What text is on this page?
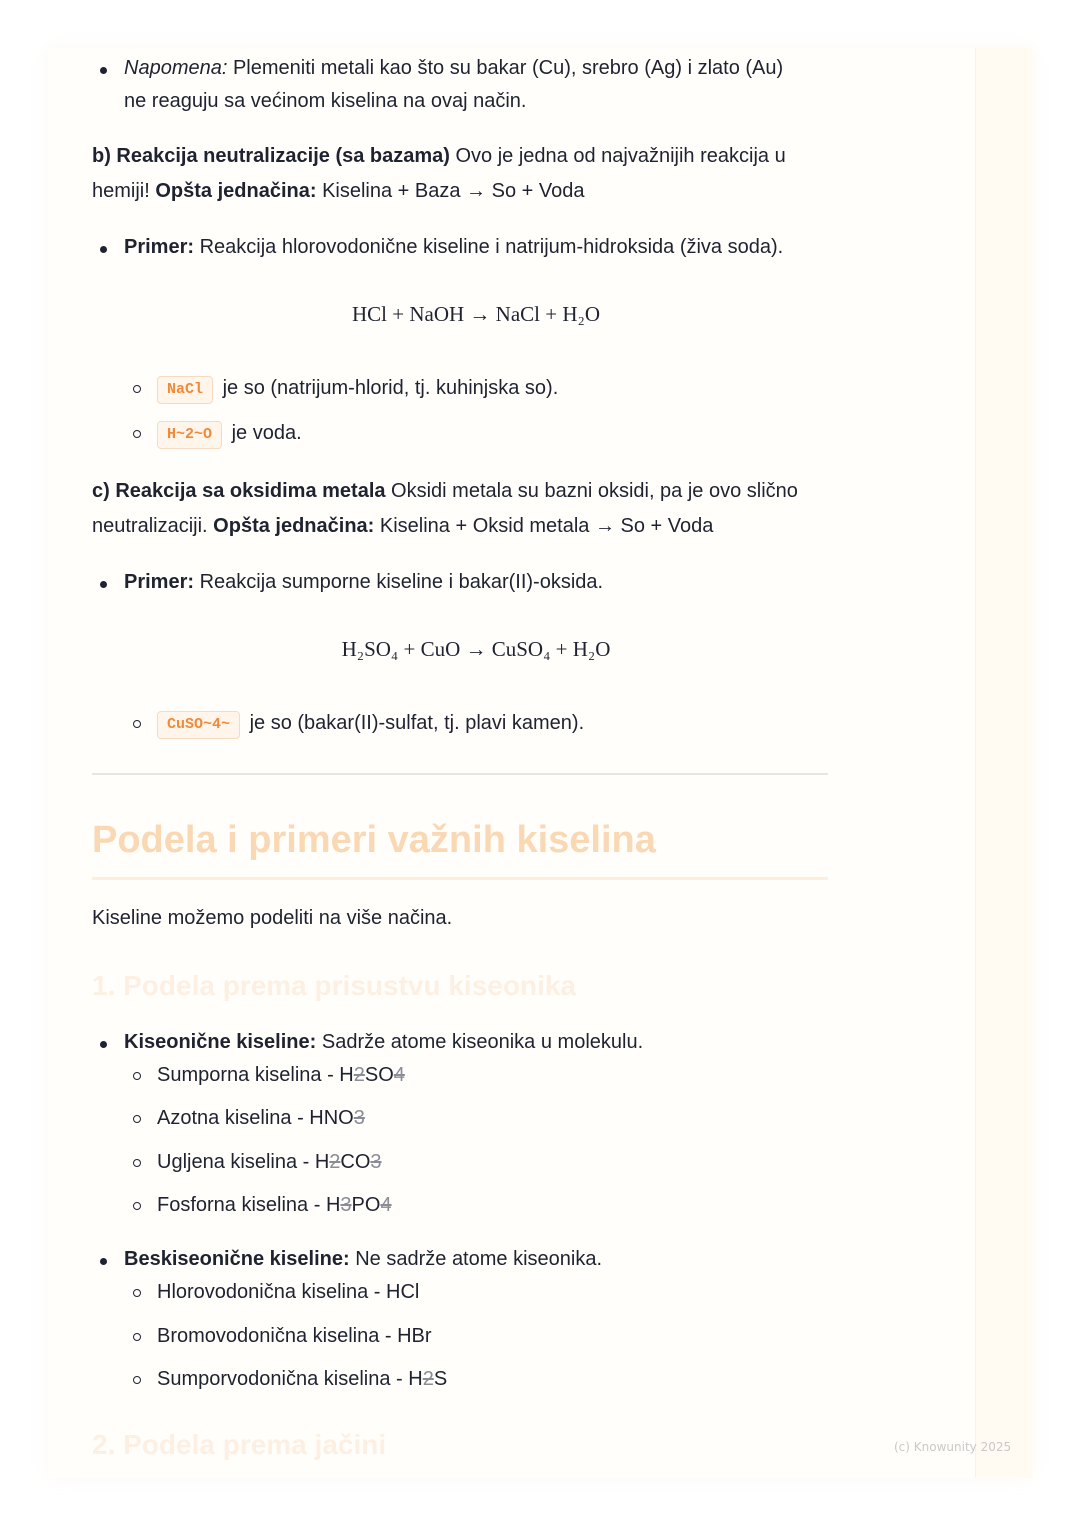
Napomena: Plemeniti metali kao što su bakar (Cu), srebro (Ag) i zlato (Au)
ne reaguju sa većinom kiselina na ovaj način.
b) Reakcija neutralizacije (sa bazama) Ovo je jedna od najvažnijih reakcija u
hemiji! Opšta jednačina: Kiselina + Baza → So + Voda
Primer: Reakcija hlorovodonične kiseline i natrijum-hidroksida (živa soda).
HCl + NaOH → NaCl + H₂O
NaCl je so (natrijum-hlorid, tj. kuhinjska so).
H~2~O je voda.
c) Reakcija sa oksidima metala Oksidi metala su bazni oksidi, pa je ovo slično
neutralizaciji. Opšta jednačina: Kiselina + Oksid metala → So + Voda
Primer: Reakcija sumporne kiseline i bakar(II)-oksida.
H₂SO₄ + CuO → CuSO₄ + H₂O
CuSO~4~ je so (bakar(II)-sulfat, tj. plavi kamen).
Podela i primeri važnih kiselina
Kiseline možemo podeliti na više načina.
1. Podela prema prisustvu kiseonika
Kiseonične kiseline: Sadrže atome kiseonika u molekulu.
Sumporna kiselina - H2SO4
Azotna kiselina - HNO3
Ugljena kiselina - H2CO3
Fosforna kiselina - H3PO4
Beskiseonične kiseline: Ne sadrže atome kiseonika.
Hlorovodonična kiselina - HCl
Bromovodonična kiselina - HBr
Sumporvodonična kiselina - H2S
2. Podela prema jačini	(c) Knowunity 2025
